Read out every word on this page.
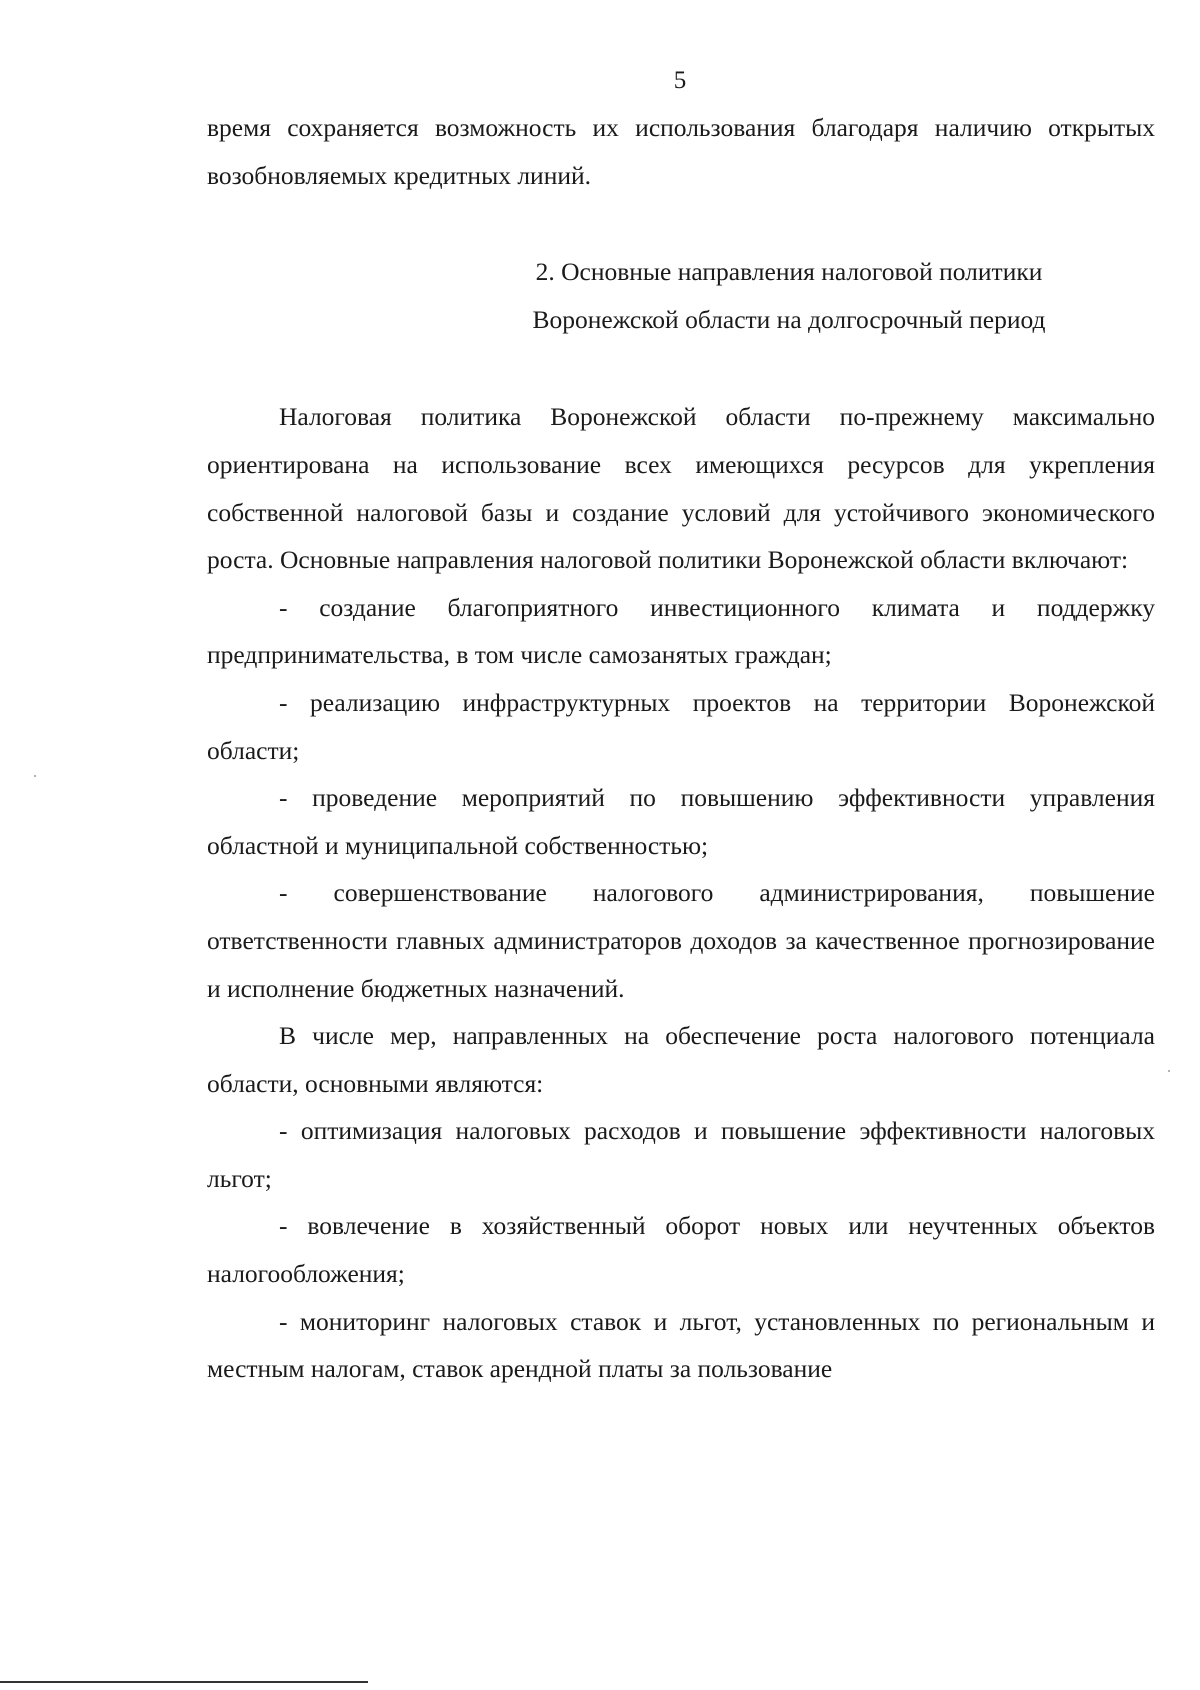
5

время сохраняется возможность их использования благодаря наличию открытых возобновляемых кредитных линий.

2. Основные направления налоговой политики

Воронежской области на долгосрочный период

Налоговая политика Воронежской области по-прежнему максимально ориентирована на использование всех имеющихся ресурсов для укрепления собственной налоговой базы и создание условий для устойчивого экономического роста. Основные направления налоговой политики Воронежской области включают:

- создание благоприятного инвестиционного климата и поддержку предпринимательства, в том числе самозанятых граждан;

- реализацию инфраструктурных проектов на территории Воронежской области;

- проведение мероприятий по повышению эффективности управления областной и муниципальной собственностью;

- совершенствование налогового администрирования, повышение ответственности главных администраторов доходов за качественное прогнозирование и исполнение бюджетных назначений.

В числе мер, направленных на обеспечение роста налогового потенциала области, основными являются:

- оптимизация налоговых расходов и повышение эффективности налоговых льгот;

- вовлечение в хозяйственный оборот новых или неучтенных объектов налогообложения;

- мониторинг налоговых ставок и льгот, установленных по региональным и местным налогам, ставок арендной платы за пользование
